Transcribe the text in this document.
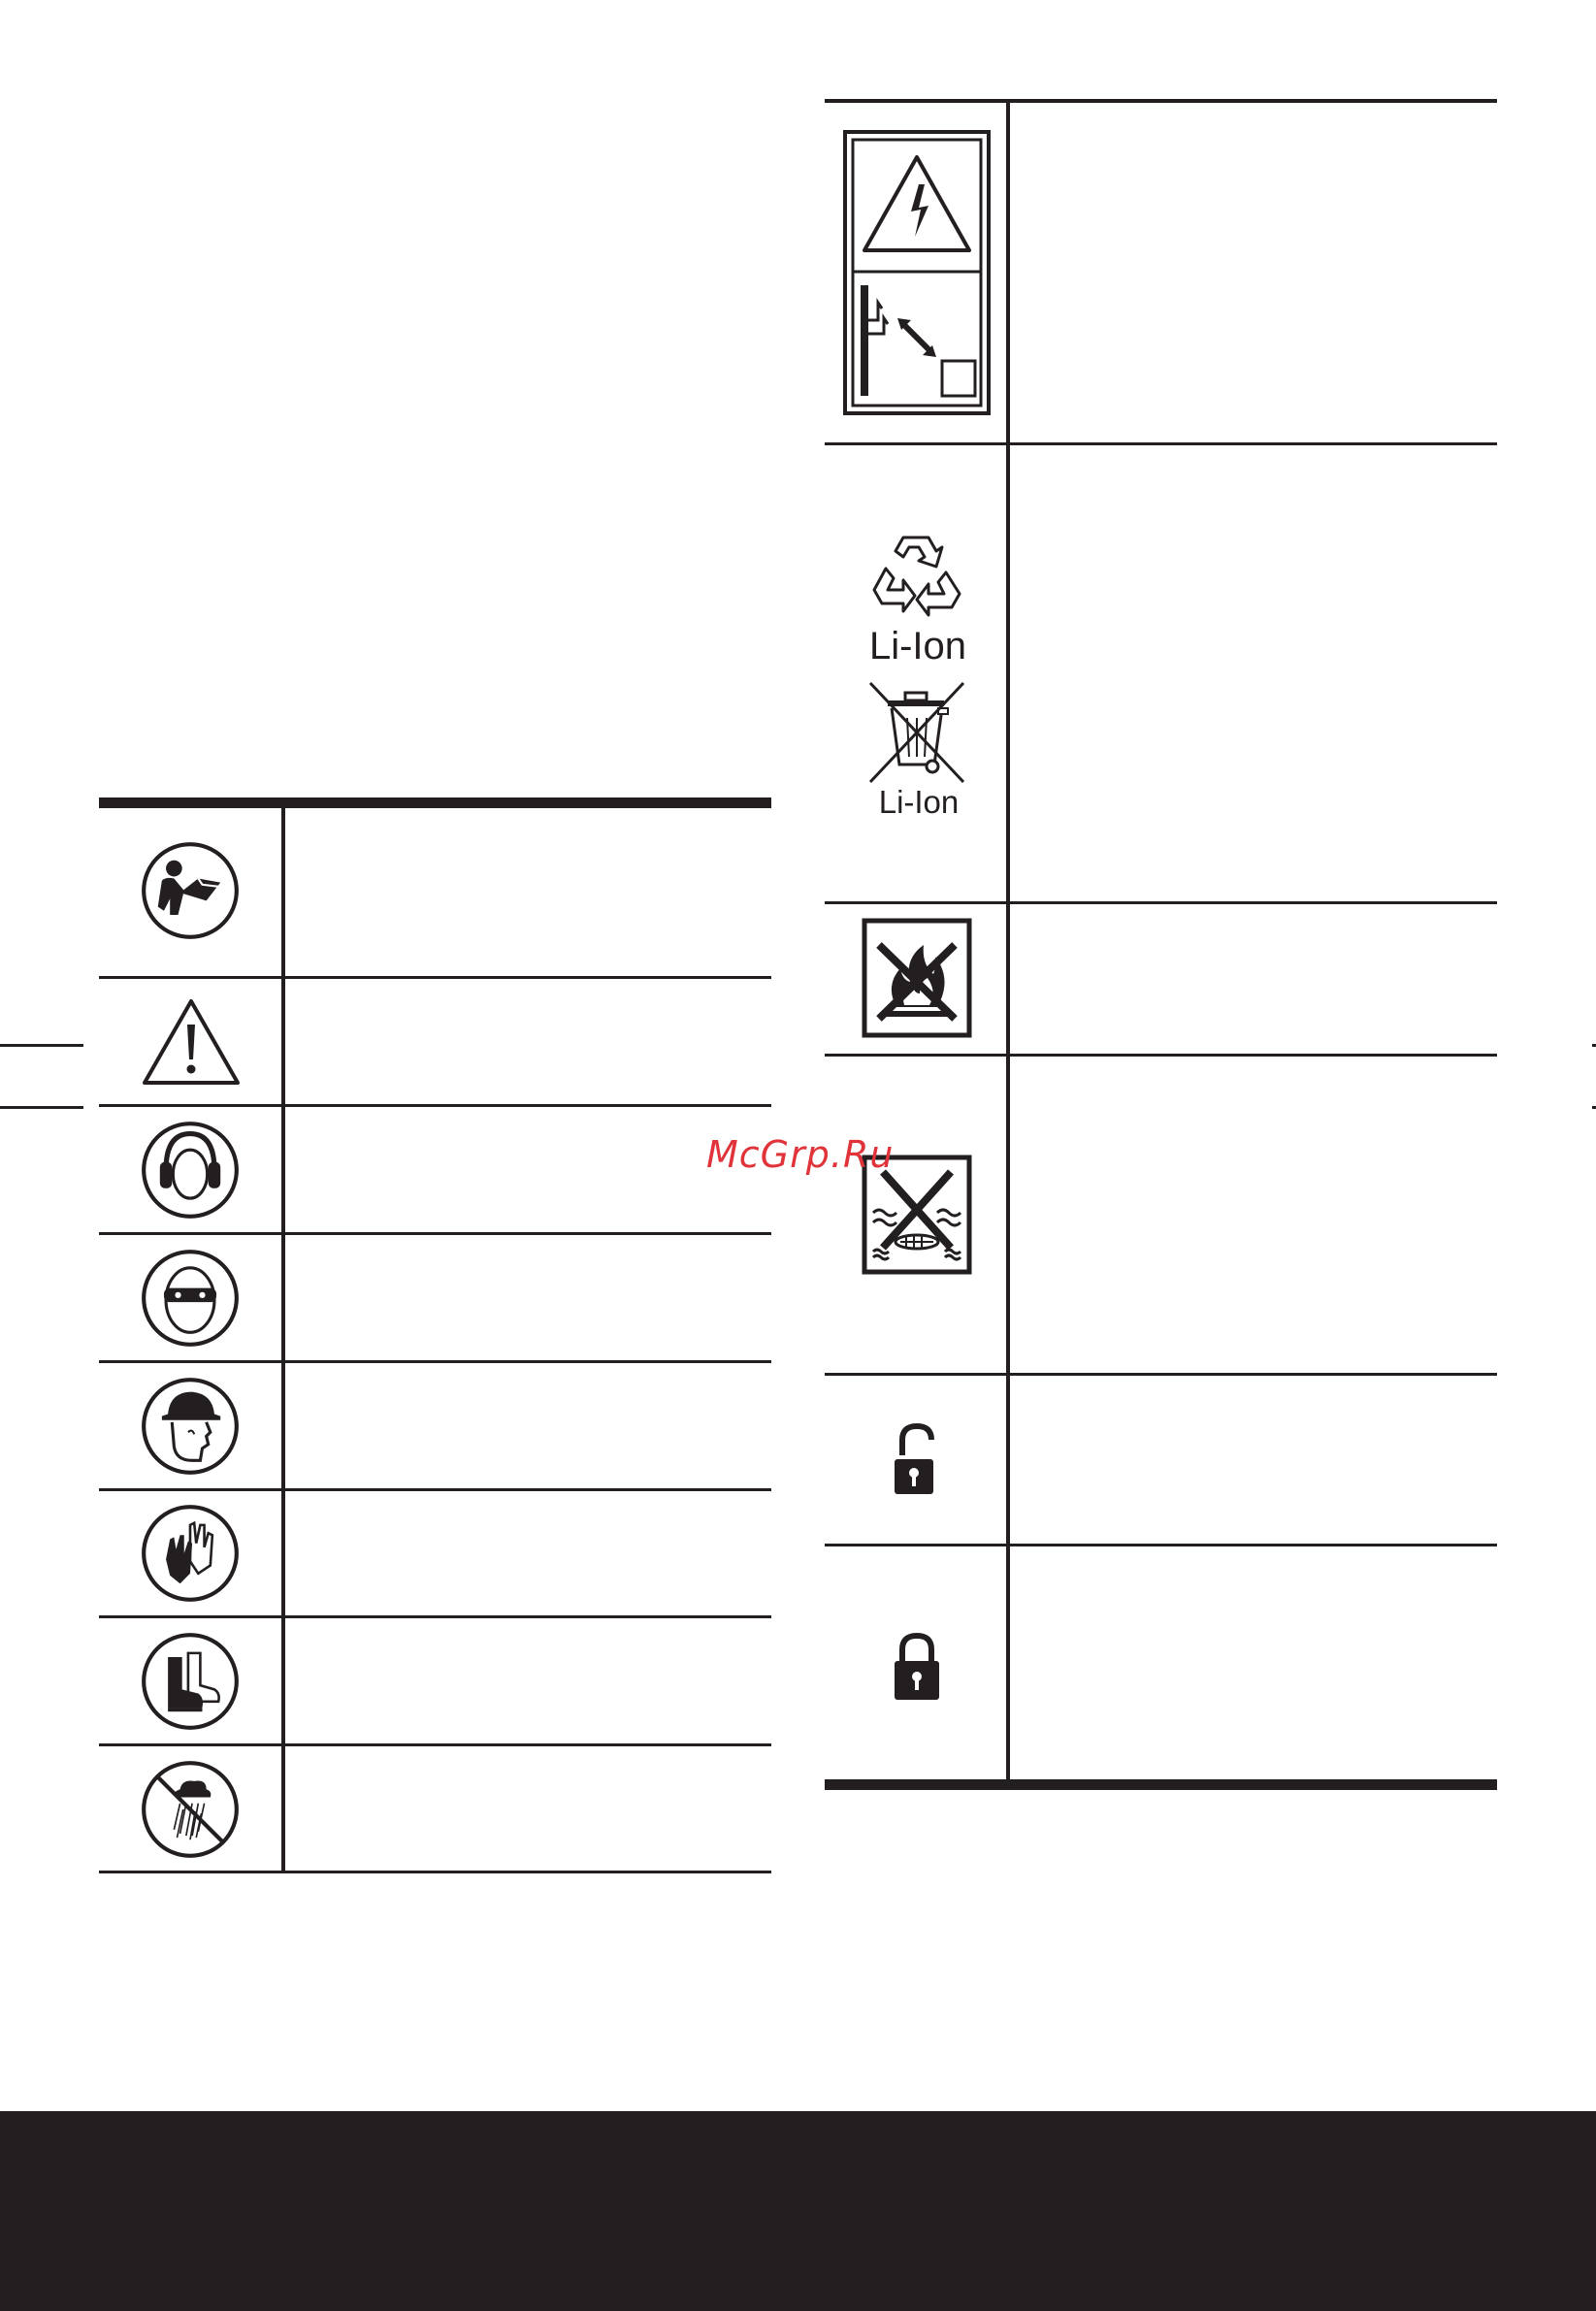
Li-Ion
Li-Ion
McGrp.Ru
